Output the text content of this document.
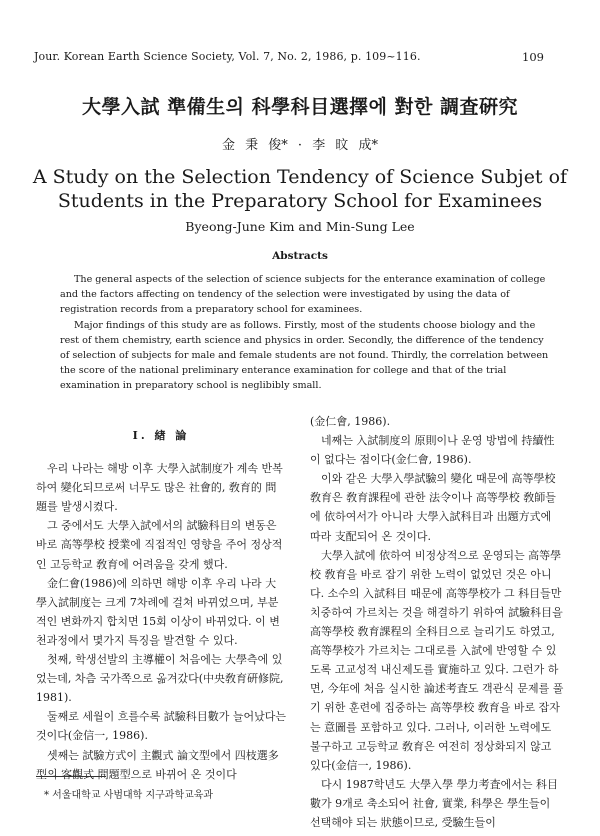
Jour. Korean Earth Science Society, Vol. 7, No. 2, 1986, p. 109~116.	109
大學入試 準備生의 科學科目選擇에 對한 調査硏究
金 秉 俊* · 李 旼 成*
A Study on the Selection Tendency of Science Subjet of
Students in the Preparatory School for Examinees
Byeong-June Kim and Min-Sung Lee
Abstracts

The general aspects of the selection of science subjects for the enterance examination of college and the factors affecting on tendency of the selection were investigated by using the data of registration records from a preparatory school for examinees.

Major findings of this study are as follows. Firstly, most of the students choose biology and the rest of them chemistry, earth science and physics in order. Secondly, the difference of the tendency of selection of subjects for male and female students are not found. Thirdly, the correlation between the score of the national preliminary enterance examination for college and that of the trial examination in preparatory school is neglibibly small.

I. 緖 論

우리 나라는 해방 이후 大學入試制度가 계속 반복하여 變化되므로써 너무도 많은 社會的, 敎育的 問題를 발생시켰다.

그 중에서도 大學入試에서의 試驗科目의 변동은 바로 高等學校 授業에 직접적인 영향을 주어 정상적인 고등학교 敎育에 어려움을 갖게 했다.

金仁會(1986)에 의하면 해방 이후 우리 나라 大學入試制度는 크게 7차례에 걸쳐 바뀌었으며, 부분적인 변화까지 합치면 15회 이상이 바뀌었다. 이 변천과정에서 몇가지 특징을 발견할 수 있다.

첫째, 학생선발의 主導權이 처음에는 大學측에 있었는데, 차츰 국가쪽으로 옮겨갔다(中央敎育硏修院, 1981).

둘째로 세월이 흐를수록 試驗科目數가 늘어났다는 것이다(金信一, 1986).

셋째는 試驗方式이 主觀式 論文型에서 四枝選多型의 客觀式 問題型으로 바뀌어 온 것이다

(金仁會, 1986).

네째는 入試制度의 原則이나 운영 방법에 持續性이 없다는 점이다(金仁會, 1986).

이와 같은 大學入學試驗의 變化 때문에 高等學校 敎育은 敎育課程에 관한 法令이나 高等學校 敎師들에 依하여서가 아니라 大學入試科目과 出題方式에 따라 支配되어 온 것이다.

大學入試에 依하여 비정상적으로 운영되는 高等學校 敎育을 바로 잡기 위한 노력이 없었던 것은 아니다. 소수의 入試科目 때문에 高等學校가 그 科目들만 치중하여 가르치는 것을 해결하기 위하여 試驗科目을 高等學校 敎育課程의 全科目으로 늘리기도 하였고, 高等學校가 가르치는 그대로를 入試에 반영할 수 있도록 고교성적 내신제도를 實施하고 있다. 그런가 하면, 今年에 처음 실시한 論述考査도 객관식 문제를 풀기 위한 훈련에 집중하는 高等學校 敎育을 바로 잡자는 意圖를 포함하고 있다. 그러나, 이러한 노력에도 불구하고 고등학교 敎育은 여전히 정상화되지 않고 있다(金信一, 1986).

다시 1987학년도 大學入學 學力考査에서는 科目數가 9개로 축소되어 社會, 實業, 科學은 學生들이 선택해야 되는 狀態이므로, 受驗生들이

* 서울대학교 사범대학 지구과학교육과
